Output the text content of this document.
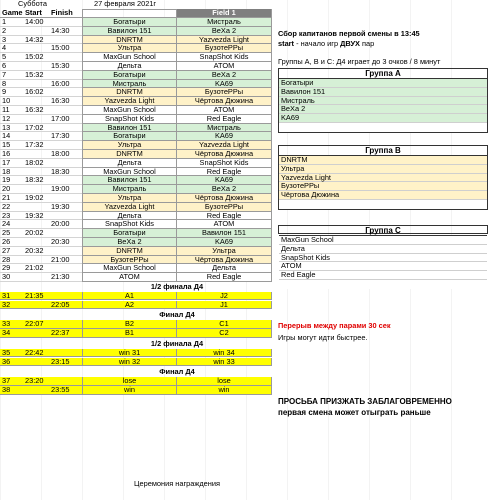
Суббота	27 февраля 2021г
Game Start	Finish	Field 1
1	14:00	Богатыри	Мистраль
2	14:30	Вавилон 151	BeXa 2
3	14:32	DNRTM	Yazvezda Light
4	15:00	Ультра	БузотеРРы
5	15:02	MaxGun School	SnapShot Kids
6	15:30	Дельта	ATOM
7	15:32	Богатыри	BeXa 2
8	16:00	Мистраль	KA69
9	16:02	DNRTM	БузотеРРы
10	16:30	Yazvezda Light	Чёртова Дюжина
11	16:32	MaxGun School	ATOM
12	17:00	SnapShot Kids	Red Eagle
13	17:02	Вавилон 151	Мистраль
14	17:30	Богатыри	KA69
15	17:32	Ультра	Yazvezda Light
16	18:00	DNRTM	Чёртова Дюжина
17	18:02	Дельта	SnapShot Kids
18	18:30	MaxGun School	Red Eagle
19	18:32	Вавилон 151	KA69
20	19:00	Мистраль	BeXa 2
21	19:02	Ультра	Чёртова Дюжина
22	19:30	Yazvezda Light	БузотеРРы
23	19:32	Дельта	Red Eagle
24	20:00	SnapShot Kids	ATOM
25	20:02	Богатыри	Вавилон 151
26	20:30	BeXa 2	KA69
27	20:32	DNRTM	Ультра
28	21:00	БузотеРРы	Чёртова Дюжина
29	21:02	MaxGun School	Дельта
30	21:30	ATOM	Red Eagle
1/2 финала Д4
31	21:35	A1	J2
32	22:05	A2	J1
Финал Д4
33	22:07	B2	C1
34	22:37	B1	C2
1/2 финала Д4
35	22:42	win 31	win 34
36	23:15	win 32	win 33
Финал Д4
37	23:20	lose	lose
38	23:55	win	win
Церемония награждения
Сбор капитанов первой смены в 13:45
start - начало игр ДВУХ пар
Группы А, В и С: Д4 играет до 3 очков / 8 минут
Группа А
Богатыри
Вавилон 151
Мистраль
BeXa 2
KA69
Группа В
DNRTM
Ультра
Yazvezda Light
БузотеРРы
Чёртова Дюжина
Группа С
MaxGun School
Дельта
SnapShot Kids
ATOM
Red Eagle
Перерыв между парами 30 сек
Игры могут идти быстрее.
ПРОСЬБА ПРИЗЖАТЬ ЗАБЛАГОВРЕМЕННО
первая смена может отыграть раньше
